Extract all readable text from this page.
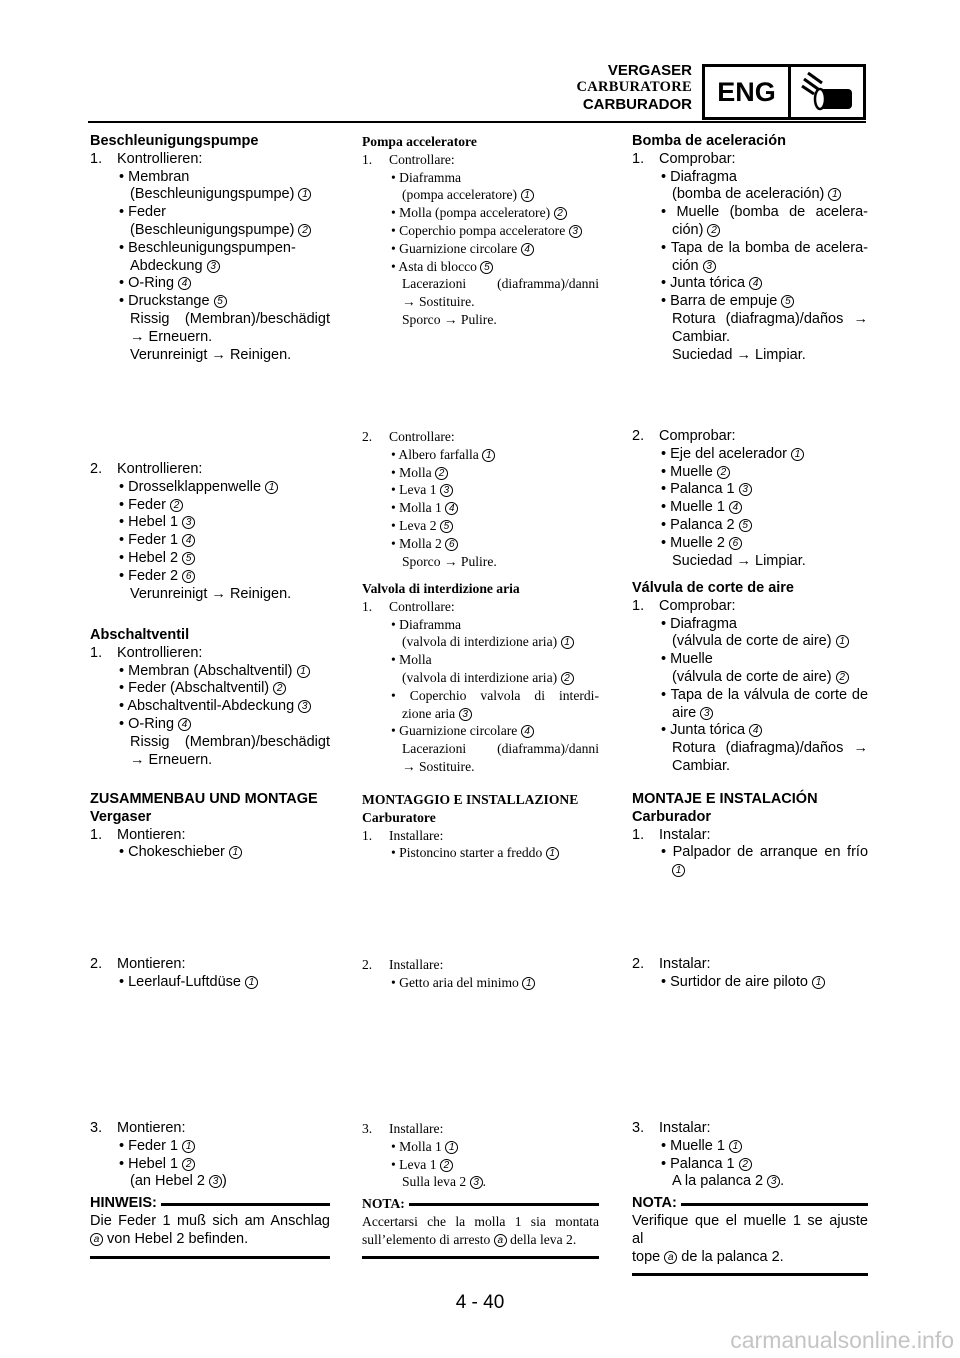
VERGASER
CARBURATORE
CARBURADOR ENG
Beschleunigungspumpe
1. Kontrollieren:
• Membran
(Beschleunigungspumpe) 1
• Feder
(Beschleunigungspumpe) 2
• Beschleunigungspumpen-
Abdeckung 3
• O-Ring 4
• Druckstange 5
Rissig (Membran)/beschädigt
→ Erneuern.
Verunreinigt → Reinigen.
2. Kontrollieren:
• Drosselklappenwelle 1
• Feder 2
• Hebel 1 3
• Feder 1 4
• Hebel 2 5
• Feder 2 6
Verunreinigt → Reinigen.
Abschaltventil
1. Kontrollieren:
• Membran (Abschaltventil) 1
• Feder (Abschaltventil) 2
• Abschaltventil-Abdeckung 3
• O-Ring 4
Rissig (Membran)/beschädigt
→ Erneuern.
ZUSAMMENBAU UND MONTAGE
Vergaser
1. Montieren:
• Chokeschieber 1
2. Montieren:
• Leerlauf-Luftdüse 1
3. Montieren:
• Feder 1 1
• Hebel 1 2
(an Hebel 2 3 )
HINWEIS:
Die Feder 1 muß sich am Anschlag
a von Hebel 2 befinden.
Pompa acceleratore
1. Controllare:
• Diaframma
(pompa acceleratore) 1
• Molla (pompa acceleratore) 2
• Coperchio pompa acceleratore 3
• Guarnizione circolare 4
• Asta di blocco 5
Lacerazioni (diaframma)/danni
→ Sostituire.
Sporco → Pulire.
2. Controllare:
• Albero farfalla 1
• Molla 2
• Leva 1 3
• Molla 1 4
• Leva 2 5
• Molla 2 6
Sporco → Pulire.
Valvola di interdizione aria
1. Controllare:
• Diaframma
(valvola di interdizione aria) 1
• Molla
(valvola di interdizione aria) 2
• Coperchio valvola di interdi-
zione aria 3
• Guarnizione circolare 4
Lacerazioni (diaframma)/danni
→ Sostituire.
MONTAGGIO E INSTALLAZIONE
Carburatore
1. Installare:
• Pistoncino starter a freddo 1
2. Installare:
• Getto aria del minimo 1
3. Installare:
• Molla 1 1
• Leva 1 2
Sulla leva 2 3 .
NOTA:
Accertarsi che la molla 1 sia montata
sull’elemento di arresto a della leva 2.
Bomba de aceleración
1. Comprobar:
• Diafragma
(bomba de aceleración) 1
• Muelle (bomba de acelera-
ción) 2
• Tapa de la bomba de acelera-
ción 3
• Junta tórica 4
• Barra de empuje 5
Rotura (diafragma)/daños →
Cambiar.
Suciedad → Limpiar.
2. Comprobar:
• Eje del acelerador 1
• Muelle 2
• Palanca 1 3
• Muelle 1 4
• Palanca 2 5
• Muelle 2 6
Suciedad → Limpiar.
Válvula de corte de aire
1. Comprobar:
• Diafragma
(válvula de corte de aire) 1
• Muelle
(válvula de corte de aire) 2
• Tapa de la válvula de corte de
aire 3
• Junta tórica 4
Rotura (diafragma)/daños →
Cambiar.
MONTAJE E INSTALACIÓN
Carburador
1. Instalar:
• Palpador de arranque en frío
1
2. Instalar:
• Surtidor de aire piloto 1
3. Instalar:
• Muelle 1 1
• Palanca 1 2
A la palanca 2 3 .
NOTA:
Verifique que el muelle 1 se ajuste al
tope a de la palanca 2.
4 - 40
carmanualsonline.info
